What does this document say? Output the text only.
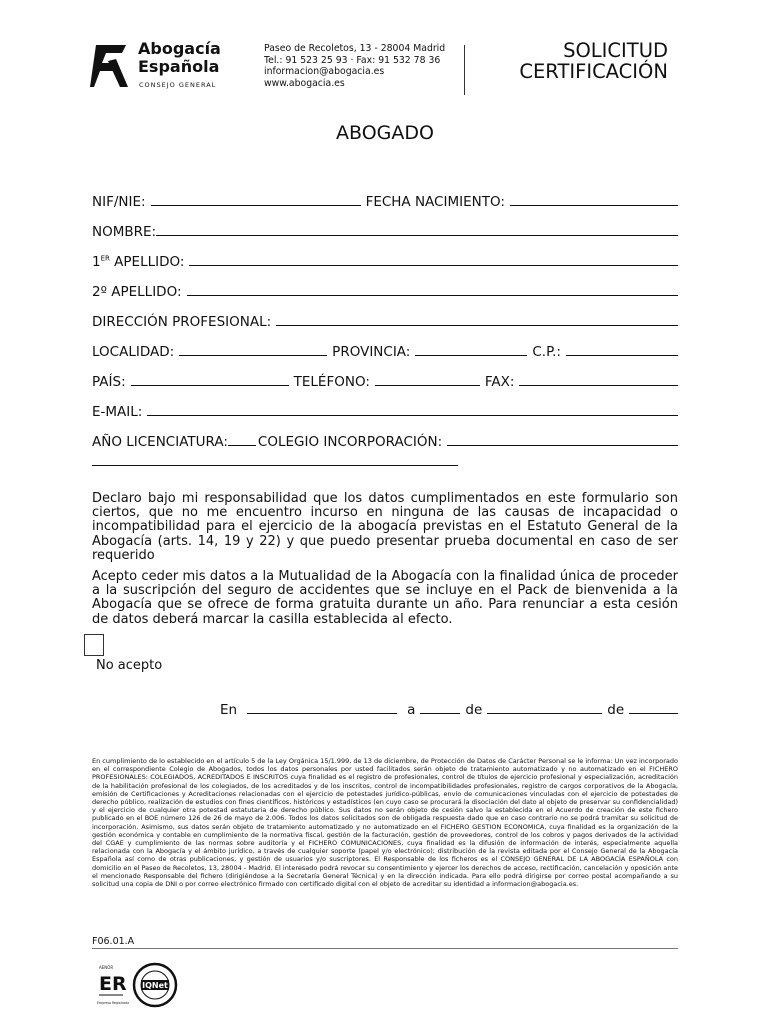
Abogacía
Española
CONSEJO GENERAL
Paseo de Recoletos, 13 - 28004 Madrid
Tel.: 91 523 25 93 · Fax: 91 532 78 36
informacion@abogacia.es
www.abogacia.es
SOLICITUD
CERTIFICACIÓN
ABOGADO
NIF/NIE:	FECHA NACIMIENTO:
NOMBRE:
1ER APELLIDO:
2º APELLIDO:
DIRECCIÓN PROFESIONAL:
LOCALIDAD:	PROVINCIA:	C.P.:
PAÍS:	TELÉFONO:	FAX:
E-MAIL:
AÑO LICENCIATURA: COLEGIO INCORPORACIÓN:

Declaro bajo mi responsabilidad que los datos cumplimentados en este formulario son ciertos, que no me encuentro incurso en ninguna de las causas de incapacidad o incompatibilidad para el ejercicio de la abogacía previstas en el Estatuto General de la Abogacía (arts. 14, 19 y 22) y que puedo presentar prueba documental en caso de ser requerido

Acepto ceder mis datos a la Mutualidad de la Abogacía con la finalidad única de proceder a la suscripción del seguro de accidentes que se incluye en el Pack de bienvenida a la Abogacía que se ofrece de forma gratuita durante un año. Para renunciar a esta cesión de datos deberá marcar la casilla establecida al efecto.

No acepto
En	a	de	de
En cumplimiento de lo establecido en el artículo 5 de la Ley Orgánica 15/1.999, de 13 de diciembre, de Protección de Datos de Carácter Personal se le informa: Un vez incorporado en el correspondiente Colegio de Abogados, todos los datos personales por usted facilitados serán objeto de tratamiento automatizado y no automatizado en el FICHERO PROFESIONALES: COLEGIADOS, ACREDITADOS E INSCRITOS cuya finalidad es el registro de profesionales, control de títulos de ejercicio profesional y especialización, acreditación de la habilitación profesional de los colegiados, de los acreditados y de los inscritos, control de incompatibilidades profesionales, registro de cargos corporativos de la Abogacía, emisión de Certificaciones y Acreditaciones relacionadas con el ejercicio de potestades jurídico-públicas, envío de comunicaciones vinculadas con el ejercicio de potestades de derecho público, realización de estudios con fines científicos, históricos y estadísticos (en cuyo caso se procurará la disociación del dato al objeto de preservar su confidencialidad) y el ejercicio de cualquier otra potestad estatutaria de derecho público. Sus datos no serán objeto de cesión salvo la establecida en el Acuerdo de creación de este fichero publicado en el BOE número 126 de 26 de mayo de 2.006. Todos los datos solicitados son de obligada respuesta dado que en caso contrario no se podrá tramitar su solicitud de incorporación. Asimismo, sus datos serán objeto de tratamiento automatizado y no automatizado en el FICHERO GESTION ECONOMICA, cuya finalidad es la organización de la gestión económica y contable en cumplimiento de la normativa fiscal, gestión de la facturación, gestión de proveedores, control de los cobros y pagos derivados de la actividad del CGAE y cumplimiento de las normas sobre auditoría y el FICHERO COMUNICACIONES, cuya finalidad es la difusión de información de interés, especialmente aquella relacionada con la Abogacía y el ámbito jurídico, a través de cualquier soporte (papel y/o electrónico); distribución de la revista editada por el Consejo General de la Abogacía Española así como de otras publicaciones, y gestión de usuarios y/o suscriptores. El Responsable de los ficheros es el CONSEJO GENERAL DE LA ABOGACÍA ESPAÑOLA con domicilio en el Paseo de Recoletos, 13, 28004 - Madrid. El interesado podrá revocar su consentimiento y ejercer los derechos de acceso, rectificación, cancelación y oposición ante el mencionado Responsable del fichero (dirigiéndose a la Secretaría General Técnica) y en la dirección indicada. Para ello podrá dirigirse por correo postal acompañando a su solicitud una copia de DNI o por correo electrónico firmado con certificado digital con el objeto de acreditar su identidad a informacion@abogacia.es.
F06.01.A
AENOR
ER
Empresa Registrada
IQNet
